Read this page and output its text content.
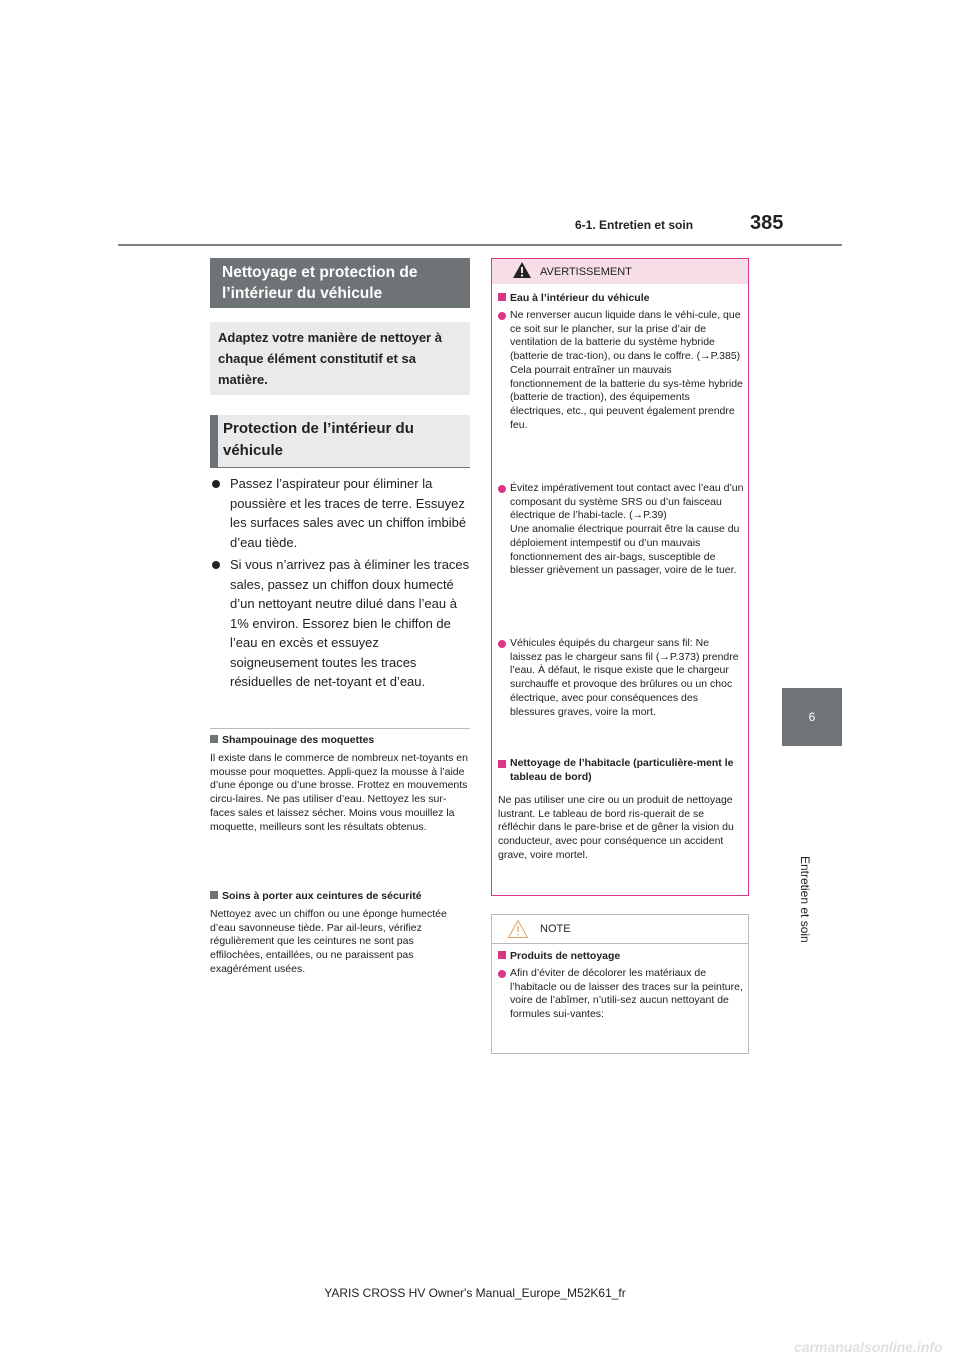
6-1. Entretien et soin	385
6
Entretien et soin
Nettoyage et protection de l’intérieur du véhicule
Adaptez votre manière de nettoyer à chaque élément constitutif et sa matière.
Protection de l’intérieur du véhicule
Passez l’aspirateur pour éliminer la poussière et les traces de terre. Essuyez les surfaces sales avec un chiffon imbibé d’eau tiède.
Si vous n’arrivez pas à éliminer les traces sales, passez un chiffon doux humecté d’un nettoyant neutre dilué dans l’eau à 1% environ. Essorez bien le chiffon de l’eau en excès et essuyez soigneusement toutes les traces résiduelles de net-toyant et d’eau.
Shampouinage des moquettes
Il existe dans le commerce de nombreux net-toyants en mousse pour moquettes. Appli-quez la mousse à l’aide d’une éponge ou d’une brosse. Frottez en mouvements circu-laires. Ne pas utiliser d’eau. Nettoyez les sur-faces sales et laissez sécher. Moins vous mouillez la moquette, meilleurs sont les résultats obtenus.
Soins à porter aux ceintures de sécurité
Nettoyez avec un chiffon ou une éponge humectée d’eau savonneuse tiède. Par ail-leurs, vérifiez régulièrement que les ceintures ne sont pas effilochées, entaillées, ou ne paraissent pas exagérément usées.
AVERTISSEMENT
Eau à l’intérieur du véhicule
Ne renverser aucun liquide dans le véhi-cule, que ce soit sur le plancher, sur la prise d’air de ventilation de la batterie du système hybride (batterie de trac-tion), ou dans le coffre. (→P.385)
Cela pourrait entraîner un mauvais fonctionnement de la batterie du sys-tème hybride (batterie de traction), des équipements électriques, etc., qui peuvent également prendre feu.
Évitez impérativement tout contact avec l’eau d’un composant du système SRS ou d’un faisceau électrique de l’habi-tacle. (→P.39)
Une anomalie électrique pourrait être la cause du déploiement intempestif ou d’un mauvais fonctionnement des air-bags, susceptible de blesser grièvement un passager, voire de le tuer.
Véhicules équipés du chargeur sans fil: Ne laissez pas le chargeur sans fil (→P.373) prendre l’eau. À défaut, le risque existe que le chargeur surchauffe et provoque des brûlures ou un choc électrique, avec pour conséquences des blessures graves, voire la mort.
Nettoyage de l’habitacle (particulière-ment le tableau de bord)
Ne pas utiliser une cire ou un produit de nettoyage lustrant. Le tableau de bord ris-querait de se réfléchir dans le pare-brise et de gêner la vision du conducteur, avec pour conséquence un accident grave, voire mortel.
NOTE
Produits de nettoyage
Afin d’éviter de décolorer les matériaux de l’habitacle ou de laisser des traces sur la peinture, voire de l’abîmer, n’utili-sez aucun nettoyant de formules sui-vantes:
YARIS CROSS HV Owner's Manual_Europe_M52K61_fr
carmanualsonline.info
